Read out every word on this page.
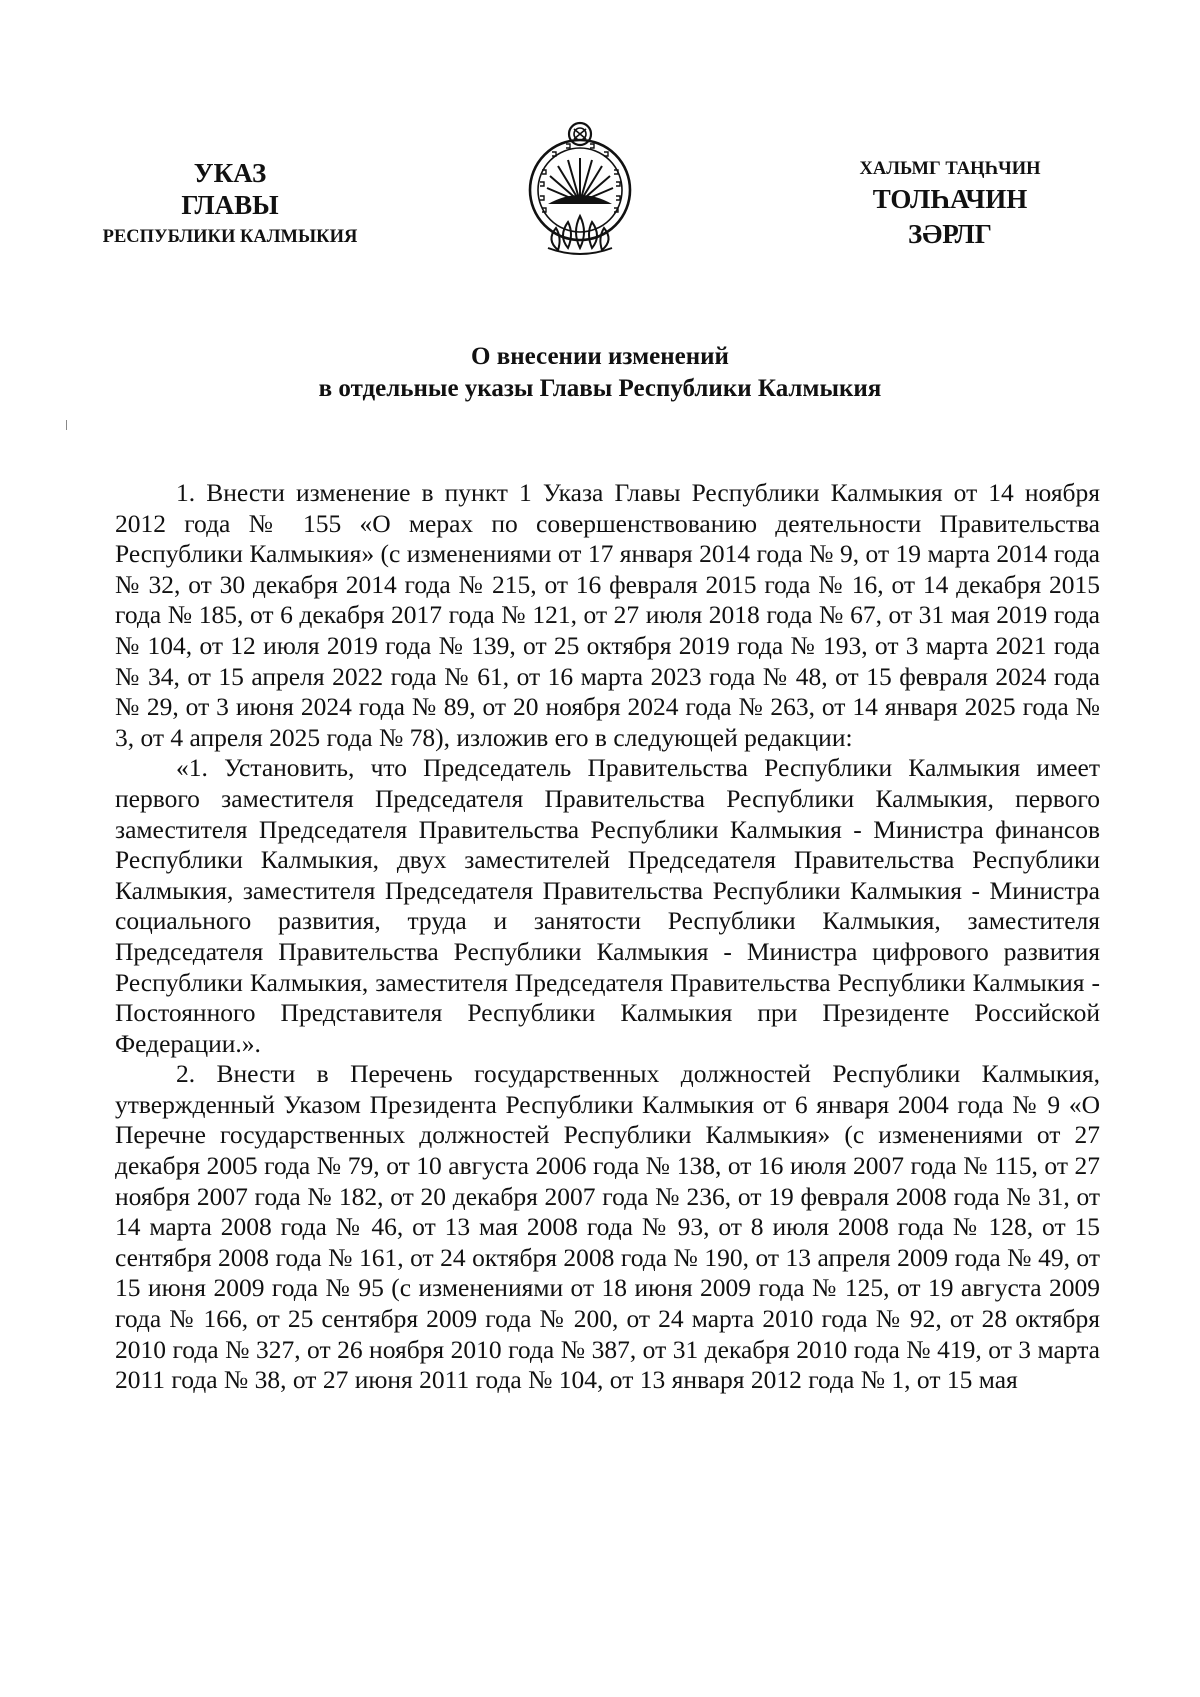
УКАЗ
ГЛАВЫ
РЕСПУБЛИКИ КАЛМЫКИЯ
ХАЛЬМГ ТАҢҺЧИН
ТОЛҺАЧИН
ЗӘРЛГ
О внесении изменений
в отдельные указы Главы Республики Калмыкия

1. Внести изменение в пункт 1 Указа Главы Республики Калмыкия от 14 ноября 2012 года № 155 «О мерах по совершенствованию деятельности Правительства Республики Калмыкия» (с изменениями от 17 января 2014 года № 9, от 19 марта 2014 года № 32, от 30 декабря 2014 года № 215, от 16 февраля 2015 года № 16, от 14 декабря 2015 года № 185, от 6 декабря 2017 года № 121, от 27 июля 2018 года № 67, от 31 мая 2019 года № 104, от 12 июля 2019 года № 139, от 25 октября 2019 года № 193, от 3 марта 2021 года № 34, от 15 апреля 2022 года № 61, от 16 марта 2023 года № 48, от 15 февраля 2024 года № 29, от 3 июня 2024 года № 89, от 20 ноября 2024 года № 263, от 14 января 2025 года № 3, от 4 апреля 2025 года № 78), изложив его в следующей редакции:

«1. Установить, что Председатель Правительства Республики Калмыкия имеет первого заместителя Председателя Правительства Республики Калмыкия, первого заместителя Председателя Правительства Республики Калмыкия - Министра финансов Республики Калмыкия, двух заместителей Председателя Правительства Республики Калмыкия, заместителя Председателя Правительства Республики Калмыкия - Министра социального развития, труда и занятости Республики Калмыкия, заместителя Председателя Правительства Республики Калмыкия - Министра цифрового развития Республики Калмыкия, заместителя Председателя Правительства Республики Калмыкия - Постоянного Представителя Республики Калмыкия при Президенте Российской Федерации.».

2. Внести в Перечень государственных должностей Республики Калмыкия, утвержденный Указом Президента Республики Калмыкия от 6 января 2004 года № 9 «О Перечне государственных должностей Республики Калмыкия» (с изменениями от 27 декабря 2005 года № 79, от 10 августа 2006 года № 138, от 16 июля 2007 года № 115, от 27 ноября 2007 года № 182, от 20 декабря 2007 года № 236, от 19 февраля 2008 года № 31, от 14 марта 2008 года № 46, от 13 мая 2008 года № 93, от 8 июля 2008 года № 128, от 15 сентября 2008 года № 161, от 24 октября 2008 года № 190, от 13 апреля 2009 года № 49, от 15 июня 2009 года № 95 (с изменениями от 18 июня 2009 года № 125, от 19 августа 2009 года № 166, от 25 сентября 2009 года № 200, от 24 марта 2010 года № 92, от 28 октября 2010 года № 327, от 26 ноября 2010 года № 387, от 31 декабря 2010 года № 419, от 3 марта 2011 года № 38, от 27 июня 2011 года № 104, от 13 января 2012 года № 1, от 15 мая
